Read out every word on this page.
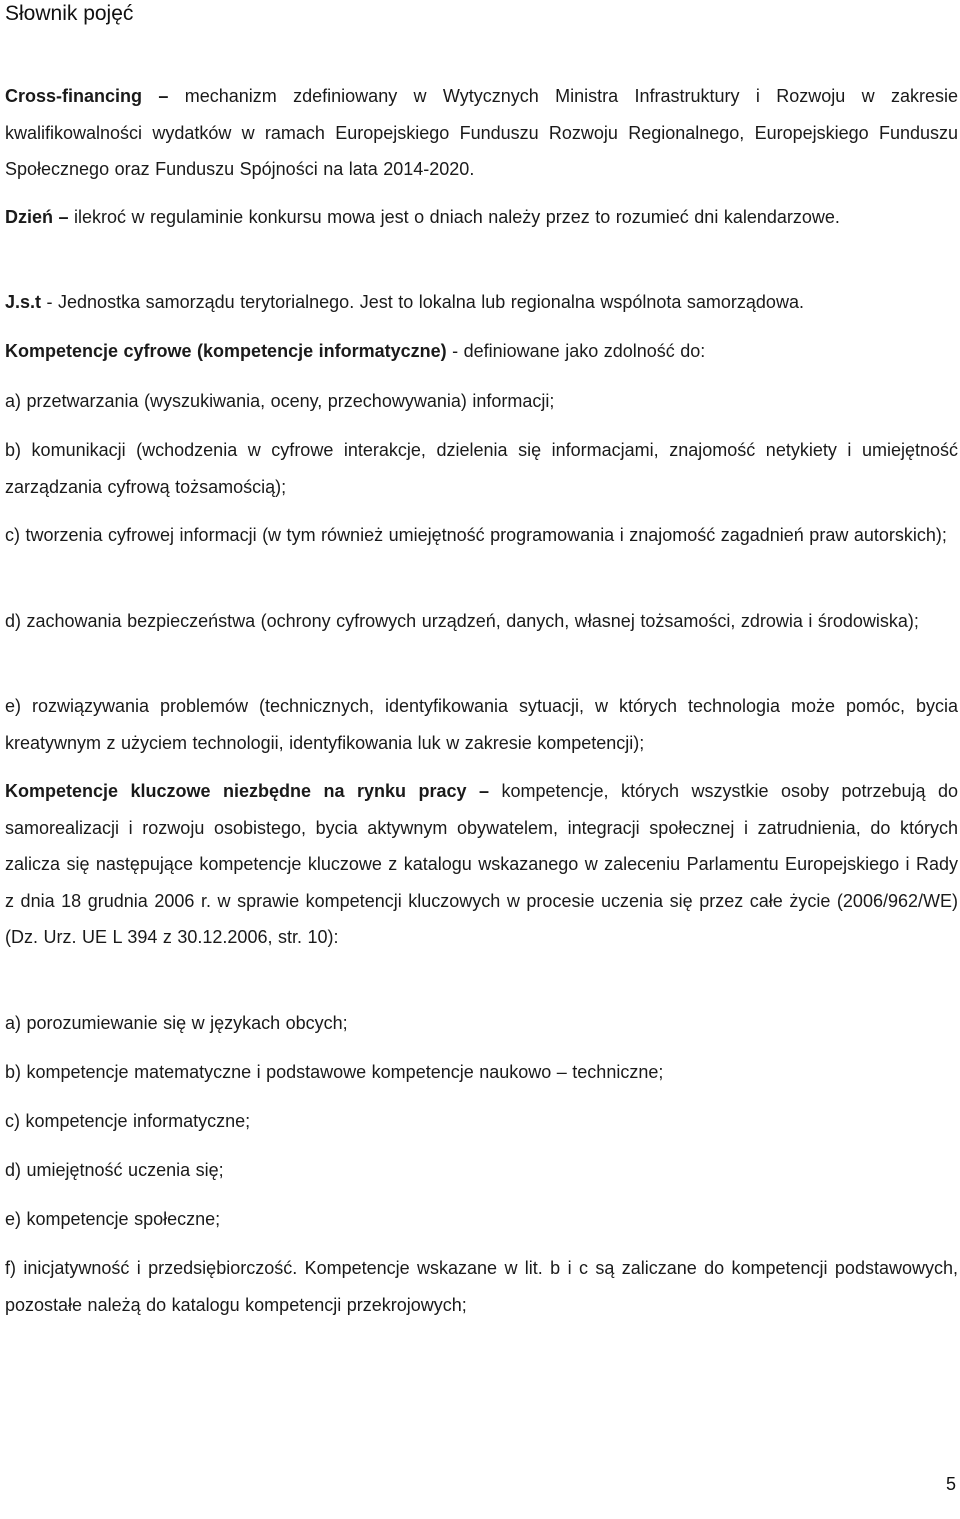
Słownik pojęć

Cross-financing – mechanizm zdefiniowany w Wytycznych Ministra Infrastruktury i Rozwoju w zakresie kwalifikowalności wydatków w ramach Europejskiego Funduszu Rozwoju Regionalnego, Europejskiego Funduszu Społecznego oraz Funduszu Spójności na lata 2014-2020.

Dzień – ilekroć w regulaminie konkursu mowa jest o dniach należy przez to rozumieć dni kalendarzowe.

J.s.t - Jednostka samorządu terytorialnego. Jest to lokalna lub regionalna wspólnota samorządowa.

Kompetencje cyfrowe (kompetencje informatyczne) - definiowane jako zdolność do:

a) przetwarzania (wyszukiwania, oceny, przechowywania) informacji;

b) komunikacji (wchodzenia w cyfrowe interakcje, dzielenia się informacjami, znajomość netykiety i umiejętność zarządzania cyfrową tożsamością);

c) tworzenia cyfrowej informacji (w tym również umiejętność programowania i znajomość zagadnień praw autorskich);

d) zachowania bezpieczeństwa (ochrony cyfrowych urządzeń, danych, własnej tożsamości, zdrowia i środowiska);

e) rozwiązywania problemów (technicznych, identyfikowania sytuacji, w których technologia może pomóc, bycia kreatywnym z użyciem technologii, identyfikowania luk w zakresie kompetencji);

Kompetencje kluczowe niezbędne na rynku pracy – kompetencje, których wszystkie osoby potrzebują do samorealizacji i rozwoju osobistego, bycia aktywnym obywatelem, integracji społecznej i zatrudnienia, do których zalicza się następujące kompetencje kluczowe z katalogu wskazanego w zaleceniu Parlamentu Europejskiego i Rady z dnia 18 grudnia 2006 r. w sprawie kompetencji kluczowych w procesie uczenia się przez całe życie (2006/962/WE) (Dz. Urz. UE L 394 z 30.12.2006, str. 10):

a) porozumiewanie się w językach obcych;

b) kompetencje matematyczne i podstawowe kompetencje naukowo – techniczne;

c) kompetencje informatyczne;

d) umiejętność uczenia się;

e) kompetencje społeczne;

f) inicjatywność i przedsiębiorczość. Kompetencje wskazane w lit. b i c są zaliczane do kompetencji podstawowych, pozostałe należą do katalogu kompetencji przekrojowych;

5
